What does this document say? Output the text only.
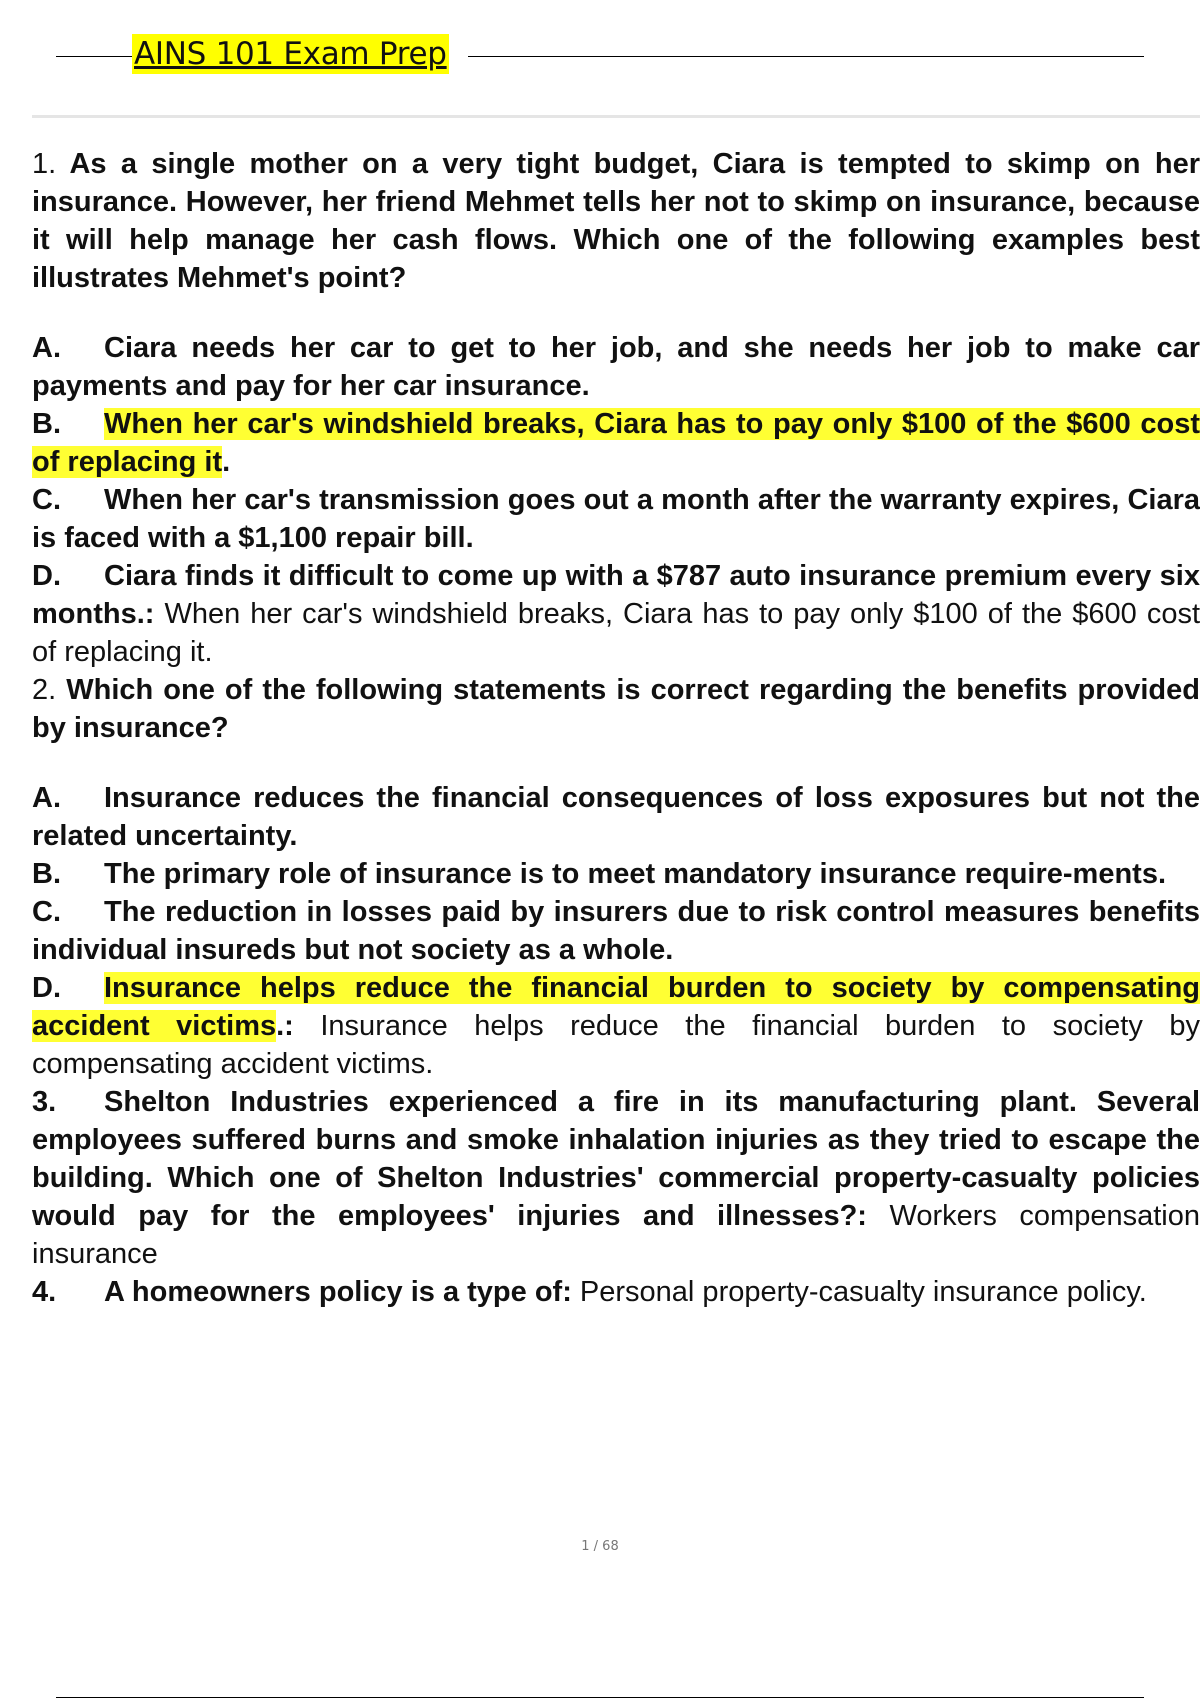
AINS 101 Exam Prep

1. As a single mother on a very tight budget, Ciara is tempted to skimp on her insurance. However, her friend Mehmet tells her not to skimp on insurance, because it will help manage her cash flows. Which one of the following examples best illustrates Mehmet's point?

A. Ciara needs her car to get to her job, and she needs her job to make car payments and pay for her car insurance.

B. When her car's windshield breaks, Ciara has to pay only $100 of the $600 cost of replacing it.

C. When her car's transmission goes out a month after the warranty expires, Ciara is faced with a $1,100 repair bill.

D. Ciara finds it difficult to come up with a $787 auto insurance premium every six months.: When her car's windshield breaks, Ciara has to pay only $100 of the $600 cost of replacing it.

2. Which one of the following statements is correct regarding the benefits provided by insurance?

A. Insurance reduces the financial consequences of loss exposures but not the related uncertainty.

B. The primary role of insurance is to meet mandatory insurance require-ments.

C. The reduction in losses paid by insurers due to risk control measures benefits individual insureds but not society as a whole.

D. Insurance helps reduce the financial burden to society by compensating accident victims.: Insurance helps reduce the financial burden to society by compensating accident victims.

3. Shelton Industries experienced a fire in its manufacturing plant. Several employees suffered burns and smoke inhalation injuries as they tried to escape the building. Which one of Shelton Industries' commercial property-casualty policies would pay for the employees' injuries and illnesses?: Workers compensation insurance

4. A homeowners policy is a type of: Personal property-casualty insurance policy.

1 / 68
